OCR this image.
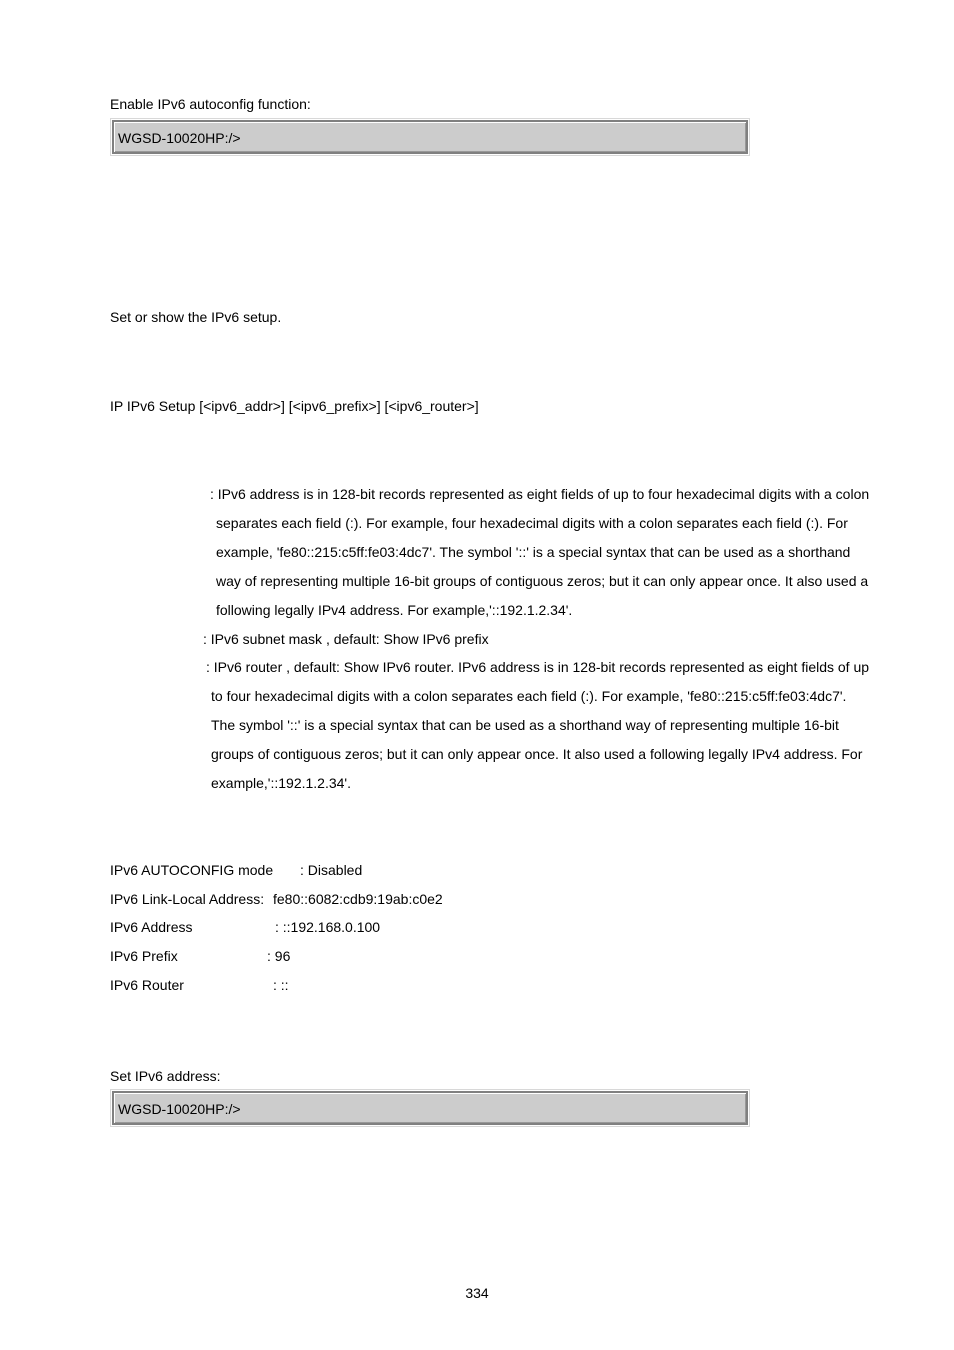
Enable IPv6 autoconfig function:
WGSD-10020HP:/>
Set or show the IPv6 setup.
IP IPv6 Setup [<ipv6_addr>] [<ipv6_prefix>] [<ipv6_router>]
: IPv6 address is in 128-bit records represented as eight fields of up to four hexadecimal digits with a colon
separates each field (:). For example, four hexadecimal digits with a colon separates each field (:). For
example, 'fe80::215:c5ff:fe03:4dc7'. The symbol '::' is a special syntax that can be used as a shorthand
way of representing multiple 16-bit groups of contiguous zeros; but it can only appear once. It also used a
following legally IPv4 address. For example,'::192.1.2.34'.
: IPv6 subnet mask , default: Show IPv6 prefix
: IPv6 router , default: Show IPv6 router. IPv6 address is in 128-bit records represented as eight fields of up
to four hexadecimal digits with a colon separates each field (:). For example, 'fe80::215:c5ff:fe03:4dc7'.
The symbol '::' is a special syntax that can be used as a shorthand way of representing multiple 16-bit
groups of contiguous zeros; but it can only appear once. It also used a following legally IPv4 address. For
example,'::192.1.2.34'.
IPv6 AUTOCONFIG mode : Disabled
IPv6 Link-Local Address: fe80::6082:cdb9:19ab:c0e2
IPv6 Address	: ::192.168.0.100
IPv6 Prefix	: 96
IPv6 Router	: ::
Set IPv6 address:
WGSD-10020HP:/>
334
